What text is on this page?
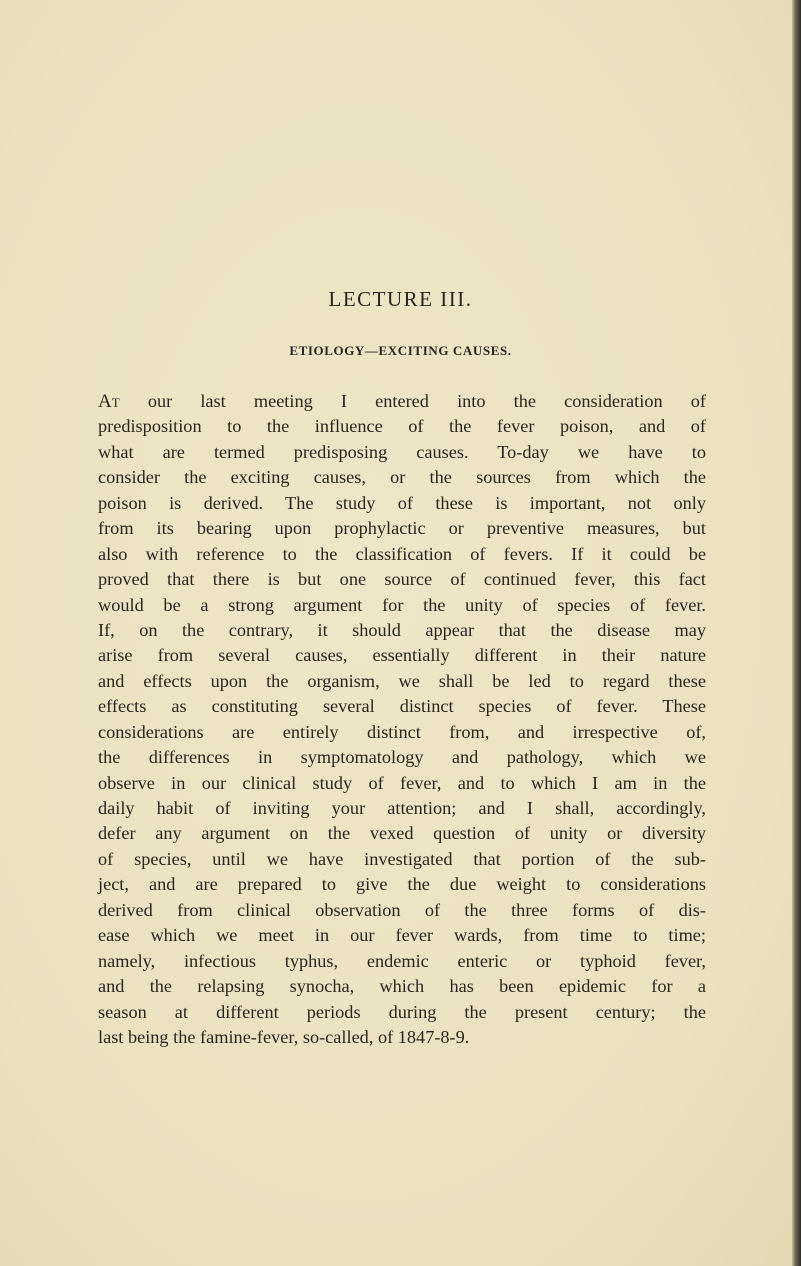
LECTURE III.
ETIOLOGY—EXCITING CAUSES.
At our last meeting I entered into the consideration of
predisposition to the influence of the fever poison, and of
what are termed predisposing causes. To-day we have to
consider the exciting causes, or the sources from which the
poison is derived. The study of these is important, not only
from its bearing upon prophylactic or preventive measures, but
also with reference to the classification of fevers. If it could be
proved that there is but one source of continued fever, this fact
would be a strong argument for the unity of species of fever.
If, on the contrary, it should appear that the disease may
arise from several causes, essentially different in their nature
and effects upon the organism, we shall be led to regard these
effects as constituting several distinct species of fever. These
considerations are entirely distinct from, and irrespective of,
the differences in symptomatology and pathology, which we
observe in our clinical study of fever, and to which I am in the
daily habit of inviting your attention; and I shall, accordingly,
defer any argument on the vexed question of unity or diversity
of species, until we have investigated that portion of the sub-
ject, and are prepared to give the due weight to considerations
derived from clinical observation of the three forms of dis-
ease which we meet in our fever wards, from time to time;
namely, infectious typhus, endemic enteric or typhoid fever,
and the relapsing synocha, which has been epidemic for a
season at different periods during the present century; the
last being the famine-fever, so-called, of 1847-8-9.
